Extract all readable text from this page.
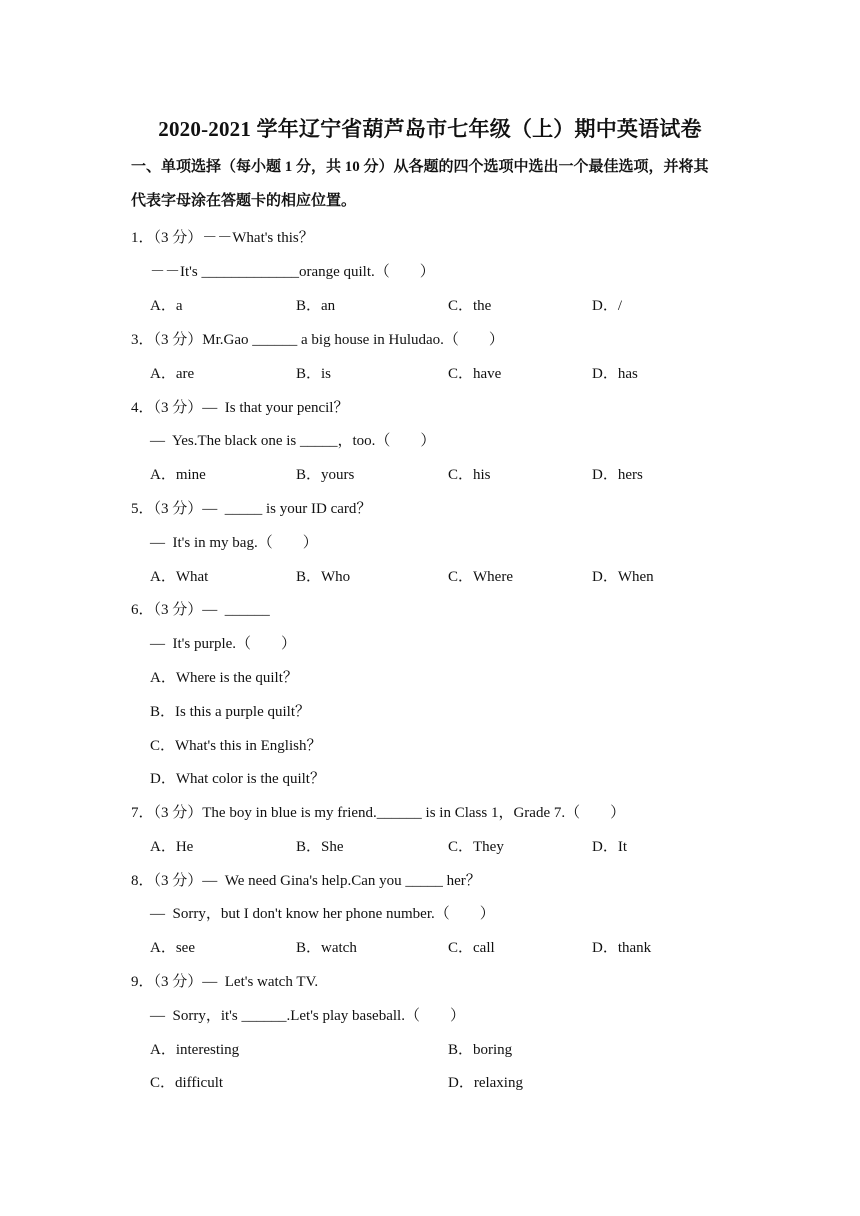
2020-2021 学年辽宁省葫芦岛市七年级（上）期中英语试卷
一、单项选择（每小题 1 分，共 10 分）从各题的四个选项中选出一个最佳选项，并将其
代表字母涂在答题卡的相应位置。
1．（3 分）－－What's this？
－－It's _____________orange quilt.（　　）
A．a	B．an	C．the	D．/
3．（3 分）Mr.Gao ______ a big house in Huludao.（　　）
A．are	B．is	C．have	D．has
4．（3 分）—  Is that your pencil？
—  Yes.The black one is _____，too.（　　）
A．mine	B．yours	C．his	D．hers
5．（3 分）—  _____ is your ID card？
—  It's in my bag.（　　）
A．What	B．Who	C．Where	D．When
6．（3 分）—  ______
—  It's purple.（　　）
A．Where is the quilt？
B．Is this a purple quilt？
C．What's this in English？
D．What color is the quilt？
7．（3 分）The boy in blue is my friend.______ is in Class 1，Grade 7.（　　）
A．He	B．She	C．They	D．It
8．（3 分）—  We need Gina's help.Can you _____ her？
—  Sorry，but I don't know her phone number.（　　）
A．see	B．watch	C．call	D．thank
9．（3 分）—  Let's watch TV.
—  Sorry，it's ______.Let's play baseball.（　　）
A．interesting	B．boring
C．difficult	D．relaxing
